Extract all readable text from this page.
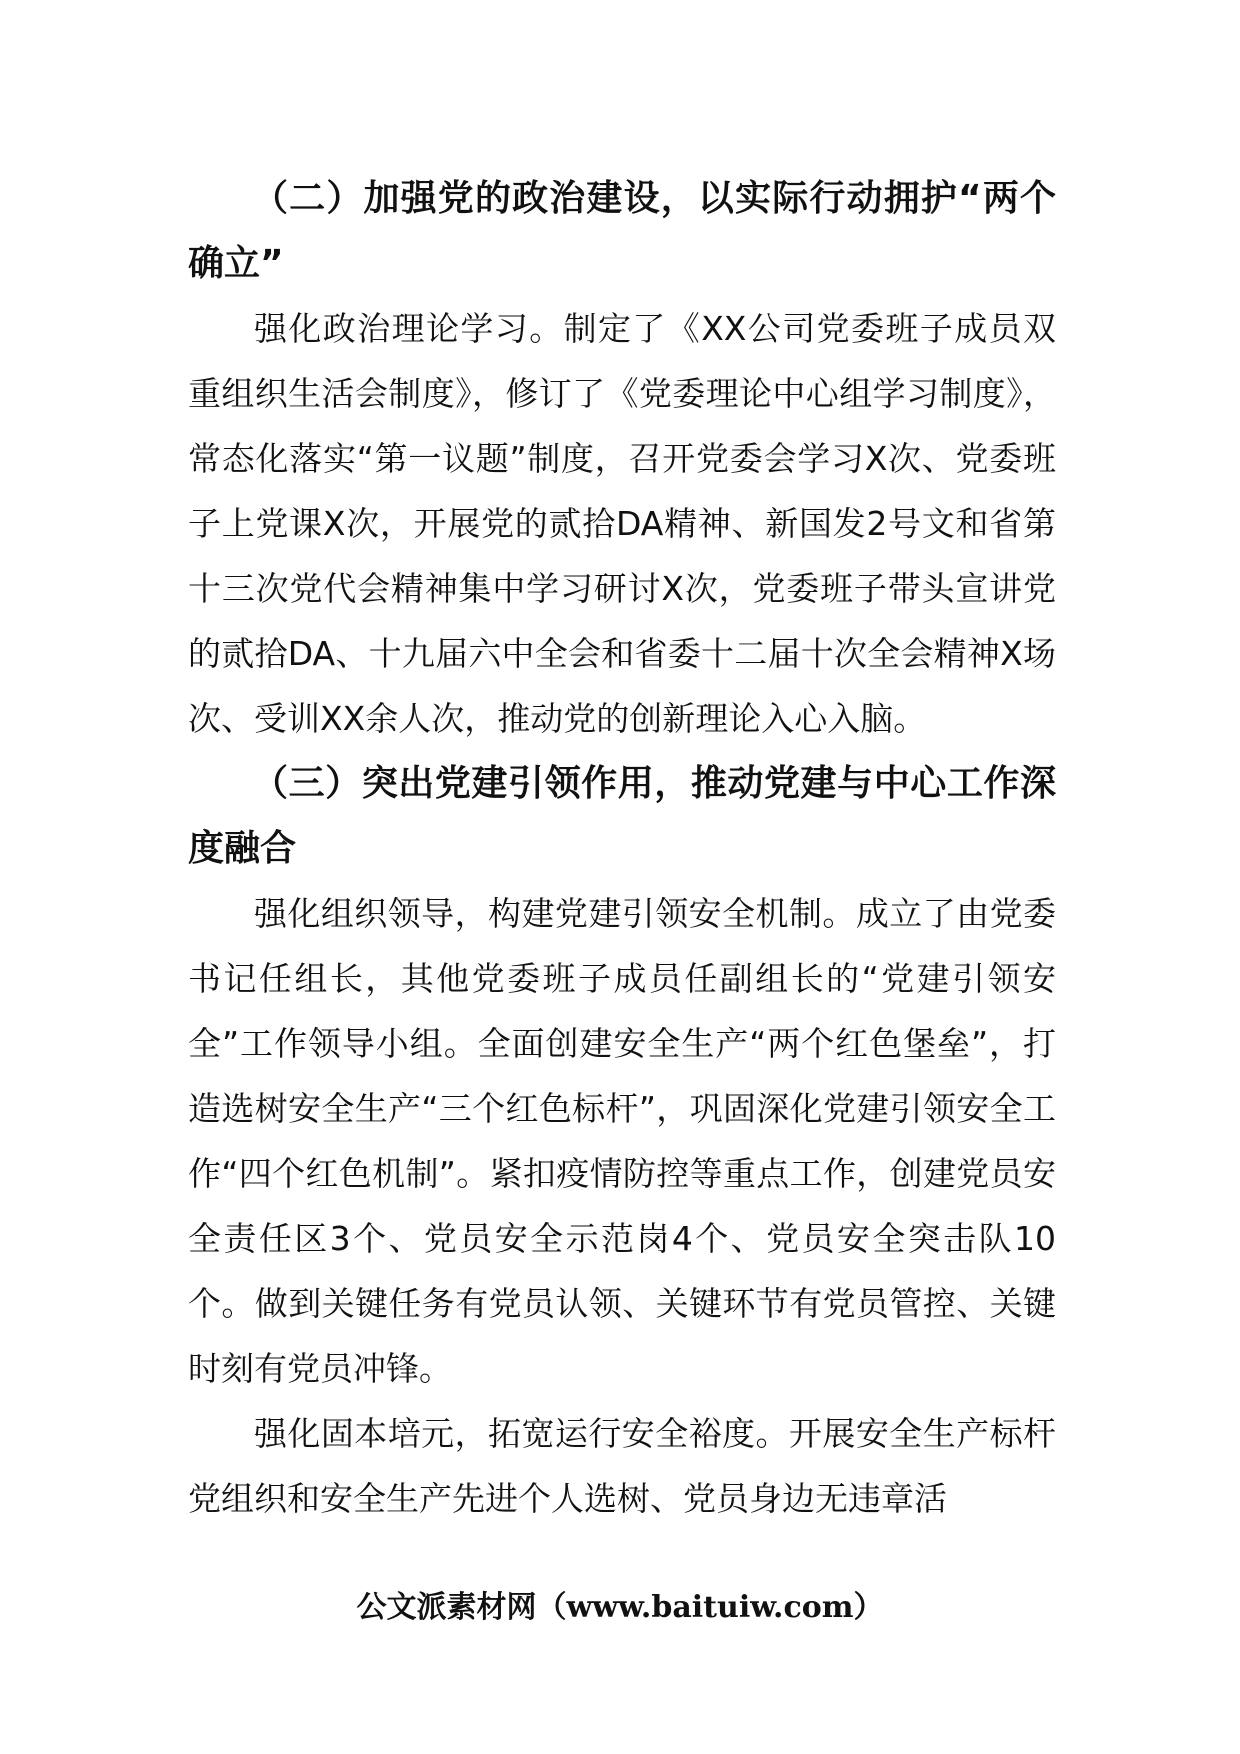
（二）加强党的政治建设，以实际行动拥护“两个确立”

强化政治理论学习。制定了《XX公司党委班子成员双重组织生活会制度》，修订了《党委理论中心组学习制度》，常态化落实“第一议题”制度，召开党委会学习X次、党委班子上党课X次，开展党的贰拾DA精神、新国发2号文和省第十三次党代会精神集中学习研讨X次，党委班子带头宣讲党的贰拾DA、十九届六中全会和省委十二届十次全会精神X场次、受训XX余人次，推动党的创新理论入心入脑。

（三）突出党建引领作用，推动党建与中心工作深度融合

强化组织领导，构建党建引领安全机制。成立了由党委书记任组长，其他党委班子成员任副组长的“党建引领安全”工作领导小组。全面创建安全生产“两个红色堡垒”，打造选树安全生产“三个红色标杆”，巩固深化党建引领安全工作“四个红色机制”。紧扣疫情防控等重点工作，创建党员安全责任区3个、党员安全示范岗4个、党员安全突击队10个。做到关键任务有党员认领、关键环节有党员管控、关键时刻有党员冲锋。

强化固本培元，拓宽运行安全裕度。开展安全生产标杆党组织和安全生产先进个人选树、党员身边无违章活

公文派素材网（www.baituiw.com）
